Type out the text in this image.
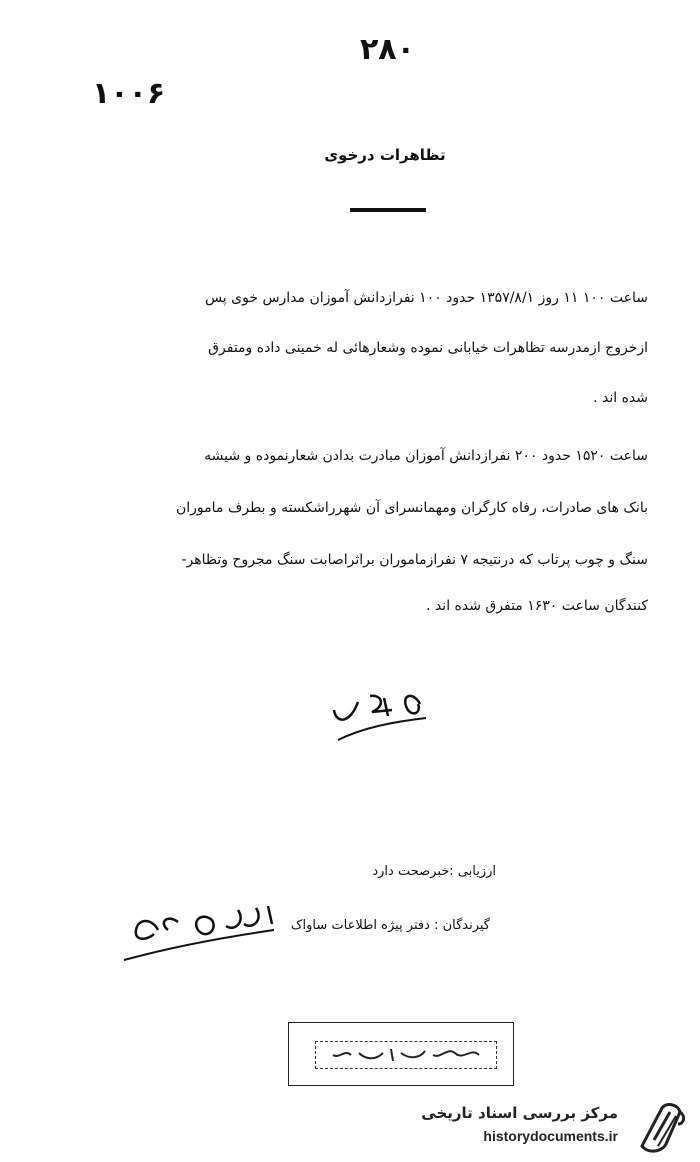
۲۸۰
۱۰۰۶
تظاهرات درخوی
ساعت ۱۰۰ ۱۱ روز ۱۳۵۷/۸/۱ حدود ۱۰۰ نفرازدانش آموزان مدارس خوی پس
ازخروج ازمدرسه تظاهرات خیابانی نموده وشعارهائی له خمینی داده ومتفرق
شده اند .
ساعت ۱۵۲۰ حدود ۲۰۰ نفرازدانش آموزان مبادرت بدادن شعارنموده و شیشه
بانک های صادرات، رفاه کارگران ومهمانسرای آن شهرراشکسته و بطرف ماموران
سنگ و چوب پرتاب که درنتیجه ۷ نفرازماموران براثراصابت سنگ مجروح وتظاهر-
کنندگان ساعت ۱۶۳۰ متفرق شده اند .
ارزیابی :خبرصحت دارد
گیرندگان : دفتر پیژه اطلاعات ساواک
مرکز بررسی اسناد تاریخی
historydocuments.ir
